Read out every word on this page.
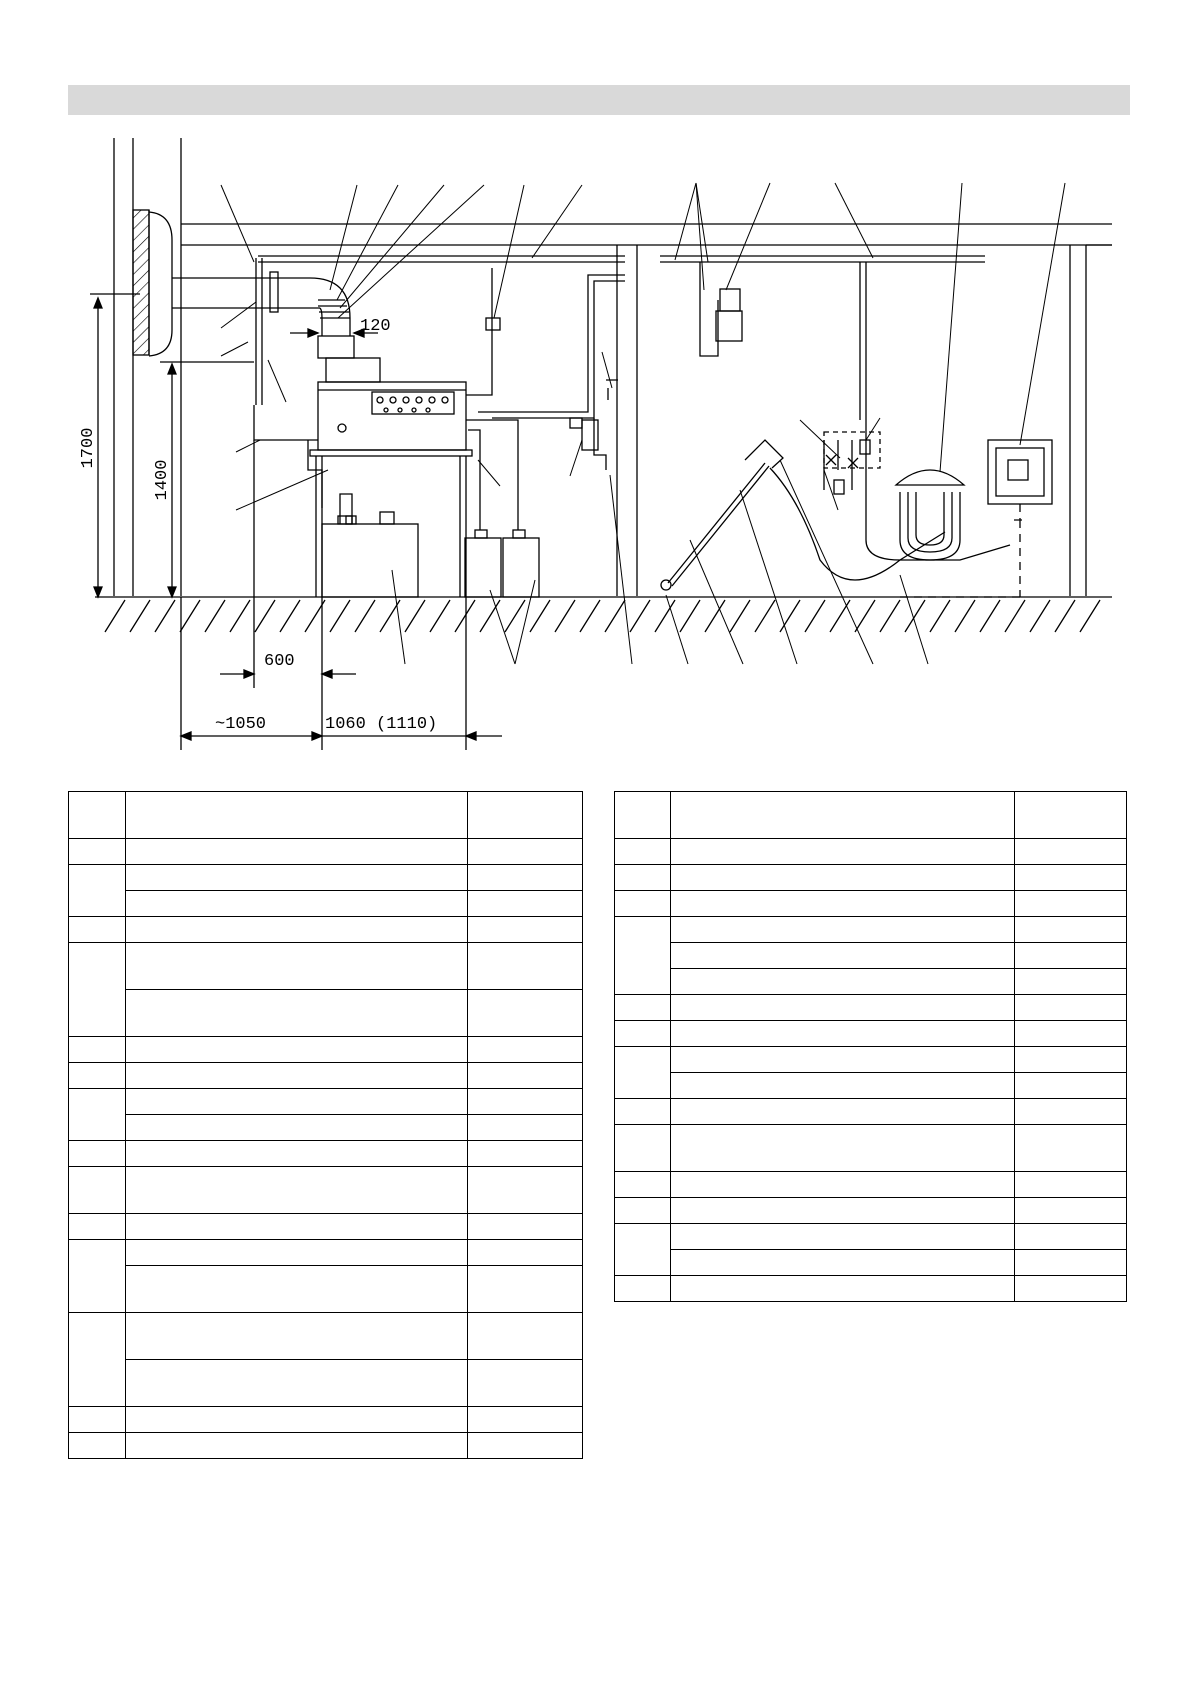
1700
1400
120
600
~1050	1060 (1110)
